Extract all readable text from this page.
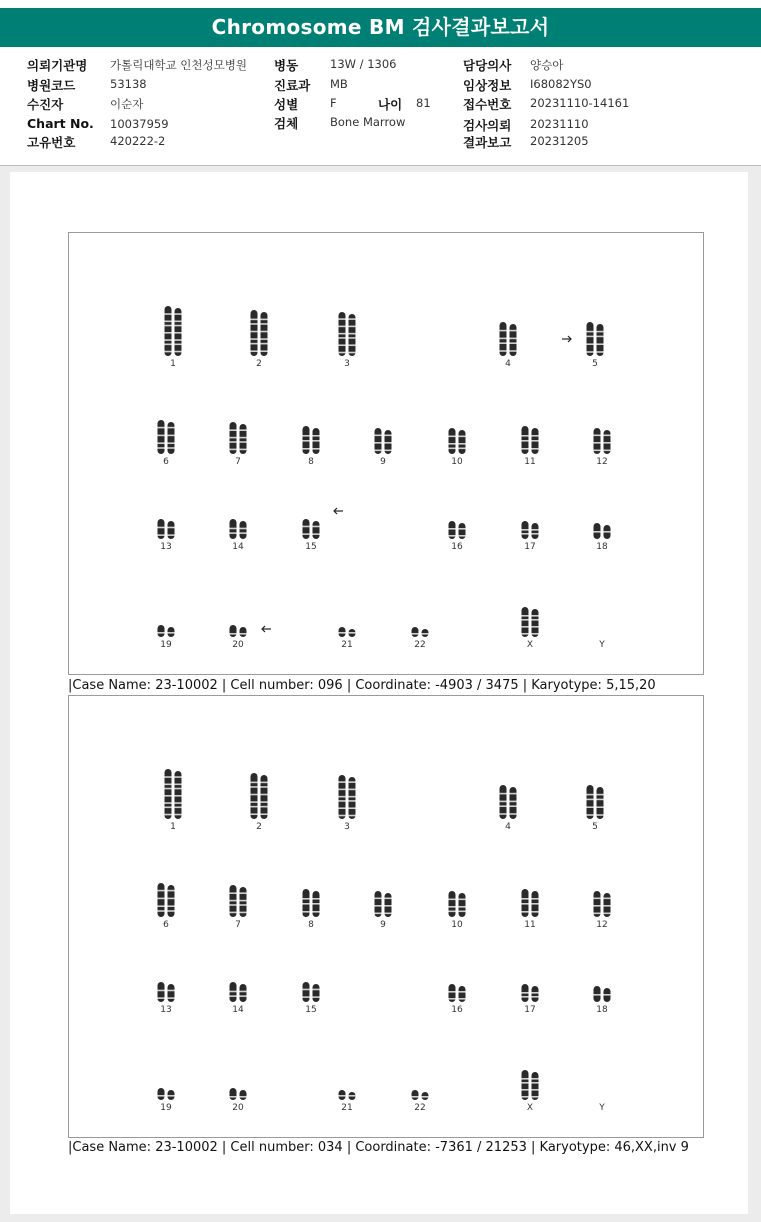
Chromosome BM 검사결과보고서
의뢰기관명 가톨릭대학교 인천성모병원
병원코드	53138
수진자	이순자
Chart No. 10037959
고유번호	420222-2
병동	13W / 1306
진료과 MB
성별	F	나이 81
검체	Bone Marrow
담당의사 양승아
임상정보 I68082YS0
접수번호 20231110-14161
검사의뢰 20231110
결과보고 20231205
1	2	3	4	5
6	7	8	9	10	11	12
13	14	15	16	17	18
19	20	21	22	X	Y
|Case Name: 23-10002 | Cell number: 096 | Coordinate: -4903 / 3475 | Karyotype: 5,15,20
1	2	3	4	5
6	7	8	9	10	11	12
13	14	15	16	17	18
19	20	21	22	X	Y
|Case Name: 23-10002 | Cell number: 034 | Coordinate: -7361 / 21253 | Karyotype: 46,XX,inv 9
